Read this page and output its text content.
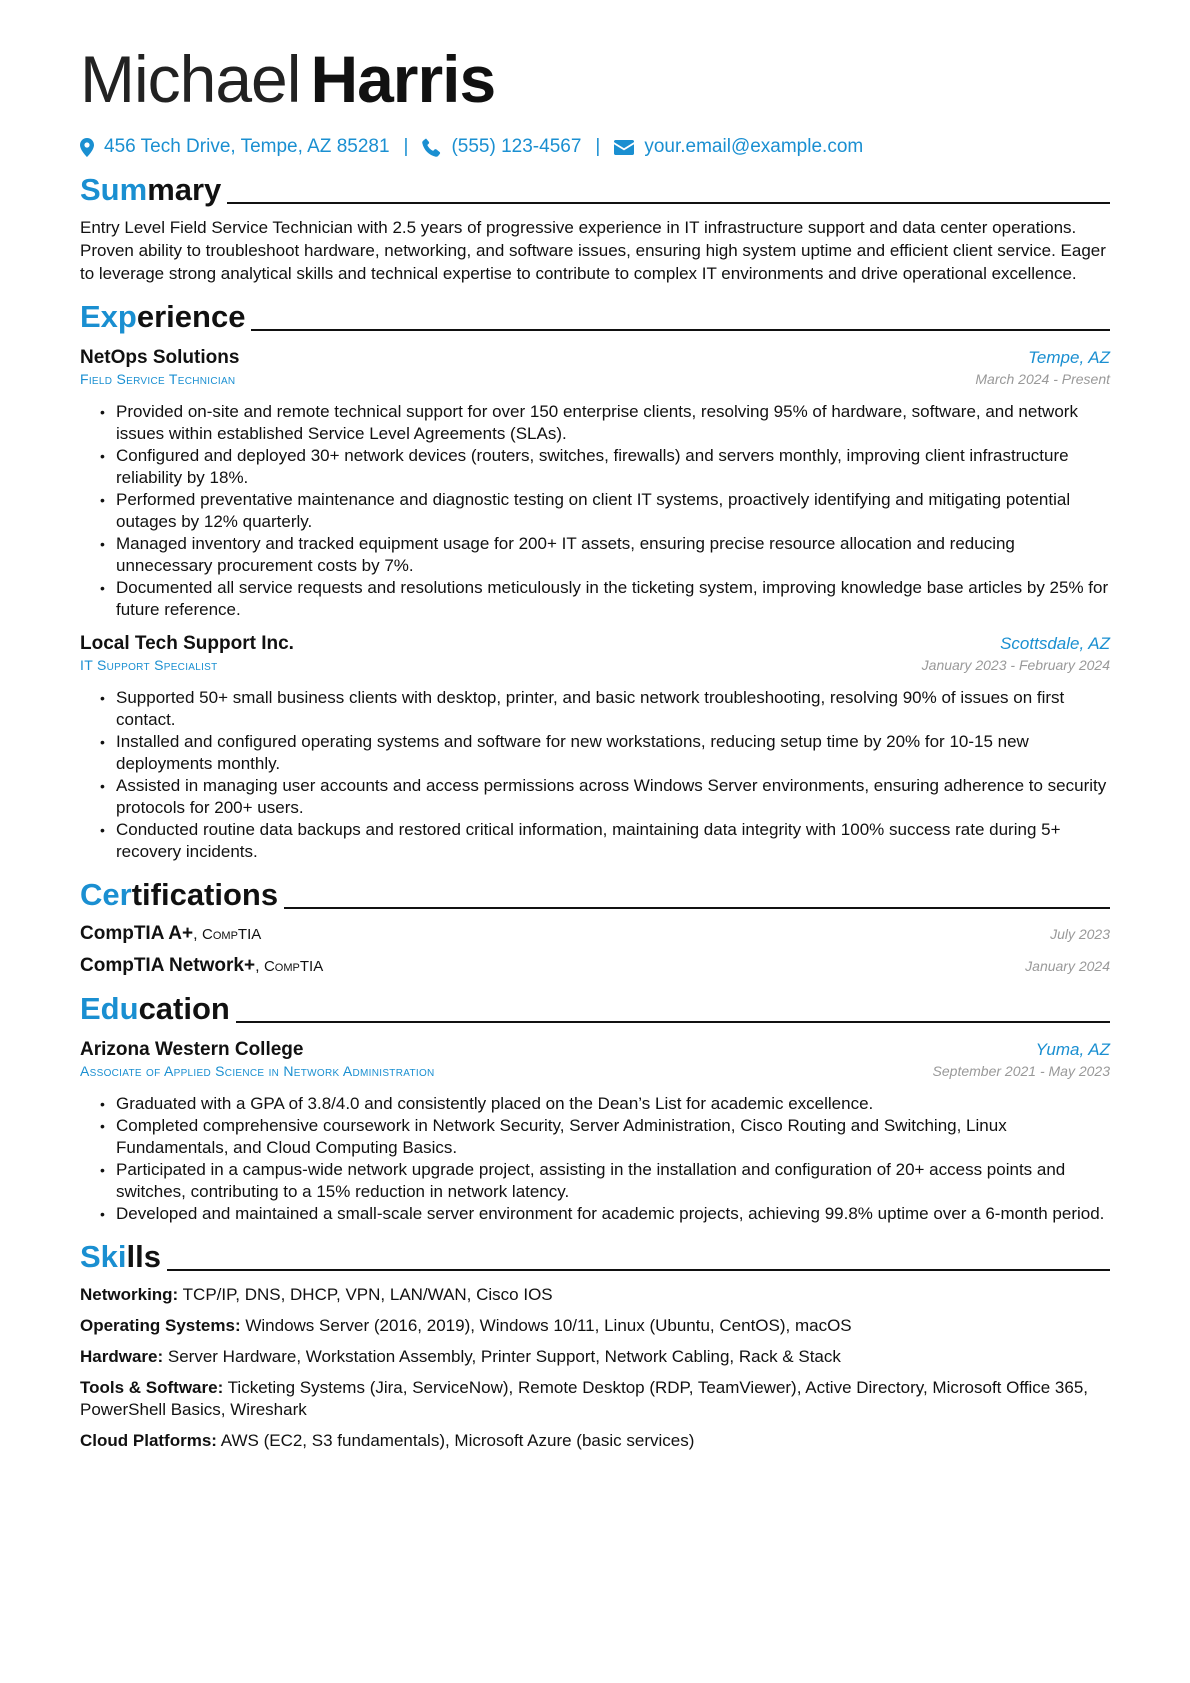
Michael Harris
456 Tech Drive, Tempe, AZ 85281 | (555) 123-4567 | your.email@example.com
Summary
Entry Level Field Service Technician with 2.5 years of progressive experience in IT infrastructure support and data center operations. Proven ability to troubleshoot hardware, networking, and software issues, ensuring high system uptime and efficient client service. Eager to leverage strong analytical skills and technical expertise to contribute to complex IT environments and drive operational excellence.
Experience
NetOps Solutions	Tempe, AZ
Field Service Technician	March 2024 - Present
• Provided on-site and remote technical support for over 150 enterprise clients, resolving 95% of hardware, software, and network issues within established Service Level Agreements (SLAs).
• Configured and deployed 30+ network devices (routers, switches, firewalls) and servers monthly, improving client infrastructure reliability by 18%.
• Performed preventative maintenance and diagnostic testing on client IT systems, proactively identifying and mitigating potential outages by 12% quarterly.
• Managed inventory and tracked equipment usage for 200+ IT assets, ensuring precise resource allocation and reducing unnecessary procurement costs by 7%.
• Documented all service requests and resolutions meticulously in the ticketing system, improving knowledge base articles by 25% for future reference.
Local Tech Support Inc.	Scottsdale, AZ
IT Support Specialist	January 2023 - February 2024
• Supported 50+ small business clients with desktop, printer, and basic network troubleshooting, resolving 90% of issues on first contact.
• Installed and configured operating systems and software for new workstations, reducing setup time by 20% for 10-15 new deployments monthly.
• Assisted in managing user accounts and access permissions across Windows Server environments, ensuring adherence to security protocols for 200+ users.
• Conducted routine data backups and restored critical information, maintaining data integrity with 100% success rate during 5+ recovery incidents.
Certifications
CompTIA A+, CompTIA	July 2023
CompTIA Network+, CompTIA	January 2024
Education
Arizona Western College	Yuma, AZ
Associate of Applied Science in Network Administration	September 2021 - May 2023
• Graduated with a GPA of 3.8/4.0 and consistently placed on the Dean’s List for academic excellence.
• Completed comprehensive coursework in Network Security, Server Administration, Cisco Routing and Switching, Linux Fundamentals, and Cloud Computing Basics.
• Participated in a campus-wide network upgrade project, assisting in the installation and configuration of 20+ access points and switches, contributing to a 15% reduction in network latency.
• Developed and maintained a small-scale server environment for academic projects, achieving 99.8% uptime over a 6-month period.
Skills
Networking: TCP/IP, DNS, DHCP, VPN, LAN/WAN, Cisco IOS
Operating Systems: Windows Server (2016, 2019), Windows 10/11, Linux (Ubuntu, CentOS), macOS
Hardware: Server Hardware, Workstation Assembly, Printer Support, Network Cabling, Rack & Stack
Tools & Software: Ticketing Systems (Jira, ServiceNow), Remote Desktop (RDP, TeamViewer), Active Directory, Microsoft Office 365, PowerShell Basics, Wireshark
Cloud Platforms: AWS (EC2, S3 fundamentals), Microsoft Azure (basic services)
